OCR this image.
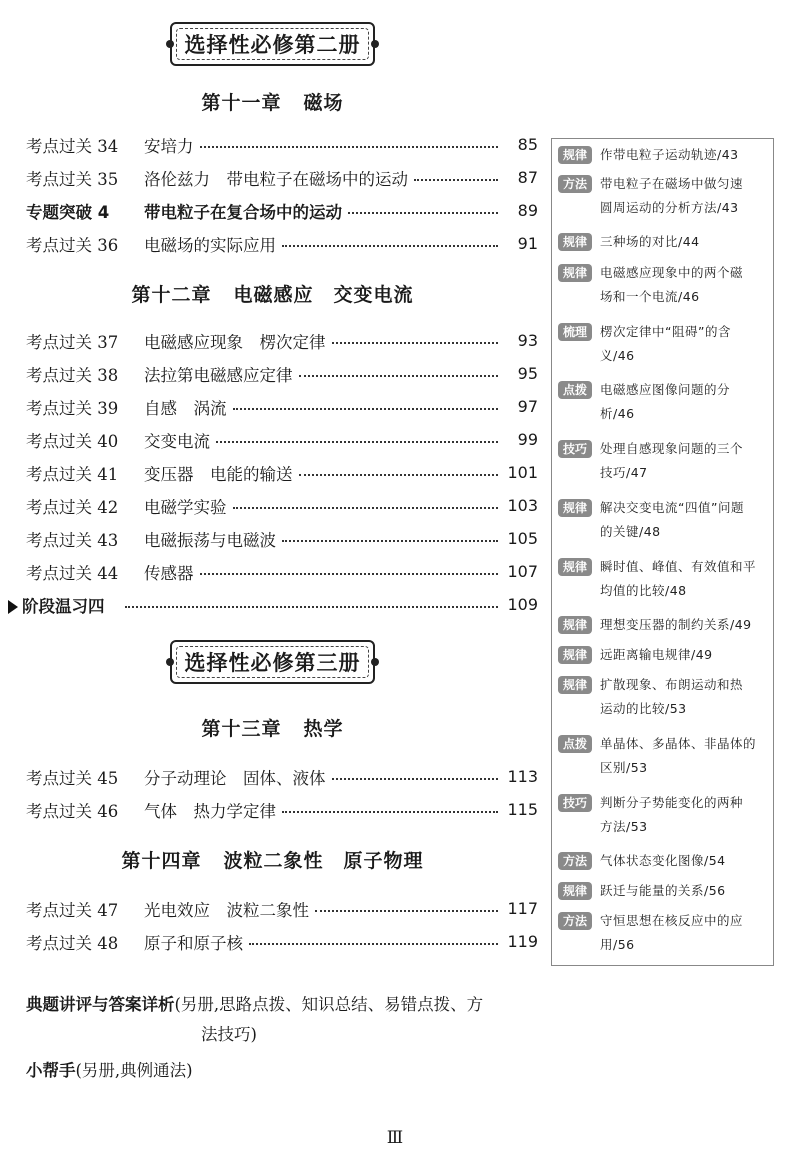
选择性必修第二册
第十一章 磁场
考点过关 34	安培力	85
考点过关 35	洛伦兹力　带电粒子在磁场中的运动	87
专题突破 4	带电粒子在复合场中的运动	89
考点过关 36	电磁场的实际应用	91
第十二章 电磁感应　交变电流
考点过关 37	电磁感应现象　楞次定律	93
考点过关 38	法拉第电磁感应定律	95
考点过关 39	自感　涡流	97
考点过关 40	交变电流	99
考点过关 41	变压器　电能的输送	101
考点过关 42	电磁学实验	103
考点过关 43	电磁振荡与电磁波	105
考点过关 44	传感器	107
阶段温习四	109
选择性必修第三册
第十三章 热学
考点过关 45	分子动理论　固体、液体	113
考点过关 46	气体　热力学定律	115
第十四章 波粒二象性　原子物理
考点过关 47	光电效应　波粒二象性	117
考点过关 48	原子和原子核	119
规律	作带电粒子运动轨迹/43
方法	带电粒子在磁场中做匀速
圆周运动的分析方法/43
规律	三种场的对比/44
规律	电磁感应现象中的两个磁
场和一个电流/46
梳理	楞次定律中“阻碍”的含
义/46
点拨	电磁感应图像问题的分
析/46
技巧	处理自感现象问题的三个
技巧/47
规律	解决交变电流“四值”问题
的关键/48
规律	瞬时值、峰值、有效值和平
均值的比较/48
规律	理想变压器的制约关系/49
规律	远距离输电规律/49
规律	扩散现象、布朗运动和热
运动的比较/53
点拨	单晶体、多晶体、非晶体的
区别/53
技巧	判断分子势能变化的两种
方法/53
方法	气体状态变化图像/54
规律	跃迁与能量的关系/56
方法	守恒思想在核反应中的应
用/56
典题讲评与答案详析(另册,思路点拨、知识总结、易错点拨、方
法技巧)
小帮手(另册,典例通法)
Ⅲ
